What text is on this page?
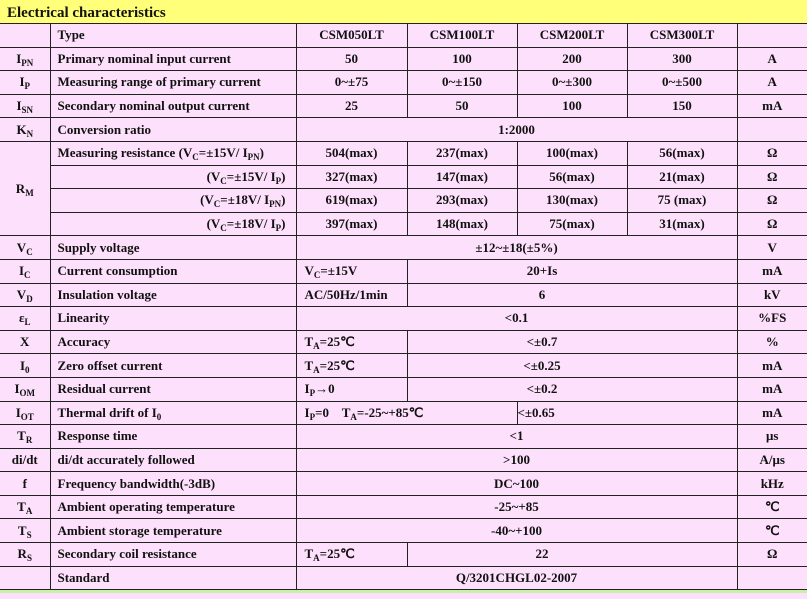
Electrical characteristics
	Type	CSM050LT	CSM100LT	CSM200LT	CSM300LT	
$I_{PN}$	Primary nominal input current	50	100	200	300	A
$I_P$	Measuring range of primary current	0~±75	0~±150	0~±300	0~±500	A
$I_{SN}$	Secondary nominal output current	25	50	100	150	mA
$K_N$	Conversion ratio	1:2000				
$R_M$	Measuring resistance ($V_C=\pm 15V/$ $I_{PN}$)	504(max)	237(max)	100(max)	56(max)	Ω
	($V_C=\pm 15V/$ $I_P$)	327(max)	147(max)	56(max)	21(max)	Ω
	($V_C=\pm 18V/$ $I_{PN}$)	619(max)	293(max)	130(max)	75 (max)	Ω
	($V_C=\pm 18V/$ $I_P$)	397(max)	148(max)	75(max)	31(max)	Ω
$V_C$	Supply voltage	±12~±18(±5%)				V
$I_C$	Current consumption	$V_C=\pm 15V$	20+Is			mA
$V_D$	Insulation voltage	AC/50Hz/1min	6			kV
$\varepsilon_L$	Linearity	<0.1				%FS
X	Accuracy	$T_A=25℃$	<±0.7			%
$I_0$	Zero offset current	$T_A=25℃$	<±0.25			mA
$I_{OM}$	Residual current	$I_P\to 0$	<±0.2			mA
$I_{OT}$	Thermal drift of $I_0$	$I_P=0$    $T_A=-25\sim+85℃$		<±0.65		mA
$T_R$	Response time	<1				μs
di/dt	di/dt accurately followed	>100				A/μs
f	Frequency bandwidth(-3dB)	DC~100				kHz
$T_A$	Ambient operating temperature	-25~+85				℃
$T_S$	Ambient storage temperature	-40~+100				℃
$R_S$	Secondary coil resistance	$T_A=25℃$	22			Ω
	Standard	Q/3201CHGL02-2007				
